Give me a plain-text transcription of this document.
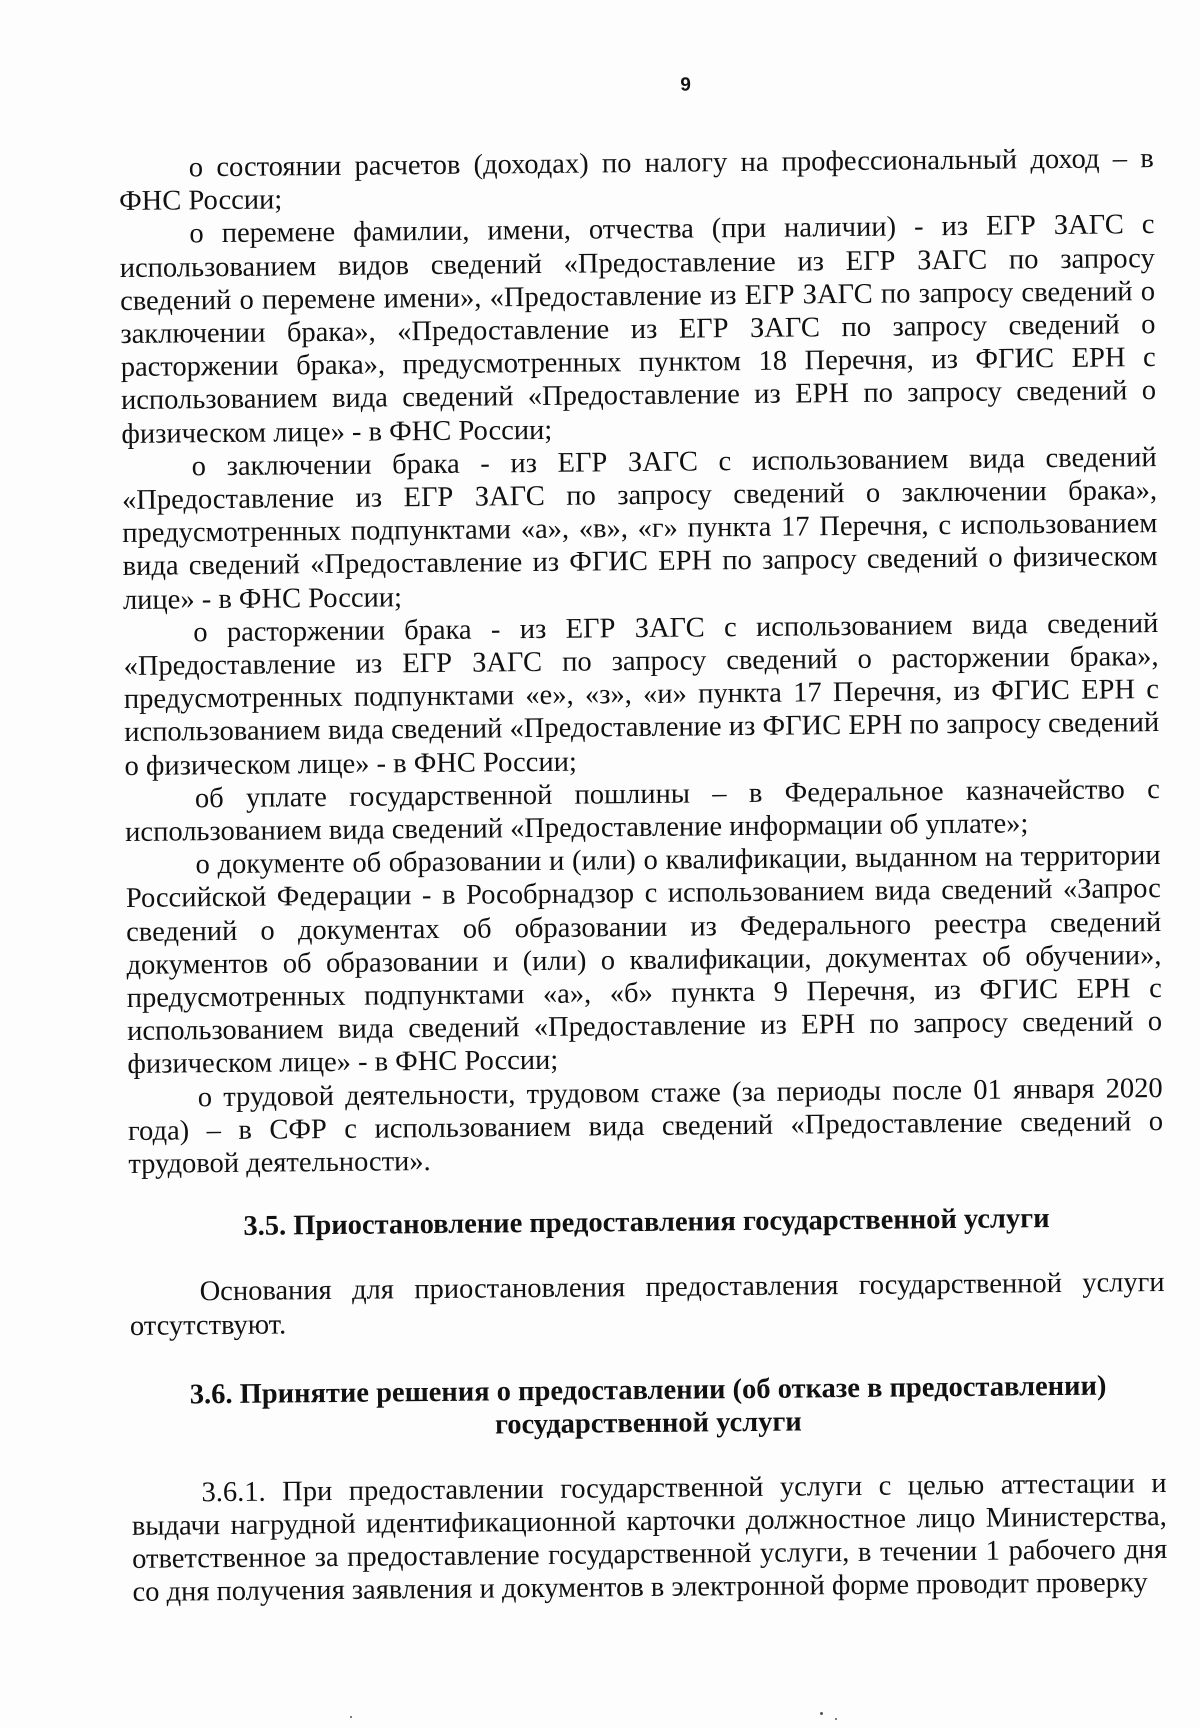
9

о состоянии расчетов (доходах) по налогу на профессиональный доход – в ФНС России;

о перемене фамилии, имени, отчества (при наличии) - из ЕГР ЗАГС с использованием видов сведений «Предоставление из ЕГР ЗАГС по запросу сведений о перемене имени», «Предоставление из ЕГР ЗАГС по запросу сведений о заключении брака», «Предоставление из ЕГР ЗАГС по запросу сведений о расторжении брака», предусмотренных пунктом 18 Перечня, из ФГИС ЕРН с использованием вида сведений «Предоставление из ЕРН по запросу сведений о физическом лице» - в ФНС России;

о заключении брака - из ЕГР ЗАГС с использованием вида сведений «Предоставление из ЕГР ЗАГС по запросу сведений о заключении брака», предусмотренных подпунктами «а», «в», «г» пункта 17 Перечня, с использованием вида сведений «Предоставление из ФГИС ЕРН по запросу сведений о физическом лице» - в ФНС России;

о расторжении брака - из ЕГР ЗАГС с использованием вида сведений «Предоставление из ЕГР ЗАГС по запросу сведений о расторжении брака», предусмотренных подпунктами «е», «з», «и» пункта 17 Перечня, из ФГИС ЕРН с использованием вида сведений «Предоставление из ФГИС ЕРН по запросу сведений о физическом лице» - в ФНС России;

об уплате государственной пошлины – в Федеральное казначейство с использованием вида сведений «Предоставление информации об уплате»;

о документе об образовании и (или) о квалификации, выданном на территории Российской Федерации - в Рособрнадзор с использованием вида сведений «Запрос сведений о документах об образовании из Федерального реестра сведений документов об образовании и (или) о квалификации, документах об обучении», предусмотренных подпунктами «а», «б» пункта 9 Перечня, из ФГИС ЕРН с использованием вида сведений «Предоставление из ЕРН по запросу сведений о физическом лице» - в ФНС России;

о трудовой деятельности, трудовом стаже (за периоды после 01 января 2020 года) – в СФР с использованием вида сведений «Предоставление сведений о трудовой деятельности».

3.5. Приостановление предоставления государственной услуги

Основания для приостановления предоставления государственной услуги отсутствуют.

3.6. Принятие решения о предоставлении (об отказе в предоставлении)
государственной услуги

3.6.1. При предоставлении государственной услуги с целью аттестации и выдачи нагрудной идентификационной карточки должностное лицо Министерства, ответственное за предоставление государственной услуги, в течении 1 рабочего дня со дня получения заявления и документов в электронной форме проводит проверку
